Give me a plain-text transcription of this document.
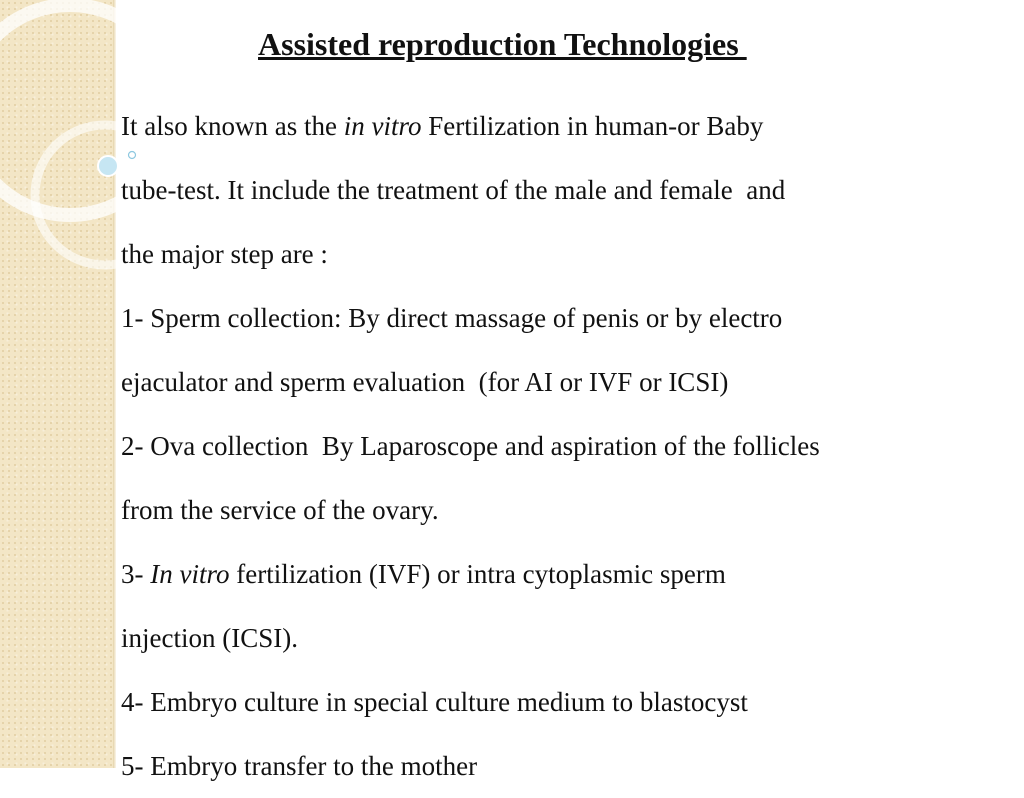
Assisted reproduction Technologies
It also known as the in vitro Fertilization in human-or Baby
tube-test. It include the treatment of the male and female  and
the major step are :
1- Sperm collection: By direct massage of penis or by electro
ejaculator and sperm evaluation  (for AI or IVF or ICSI)
2- Ova collection  By Laparoscope and aspiration of the follicles
from the service of the ovary.
3- In vitro fertilization (IVF) or intra cytoplasmic sperm
injection (ICSI).
4- Embryo culture in special culture medium to blastocyst
5- Embryo transfer to the mother
